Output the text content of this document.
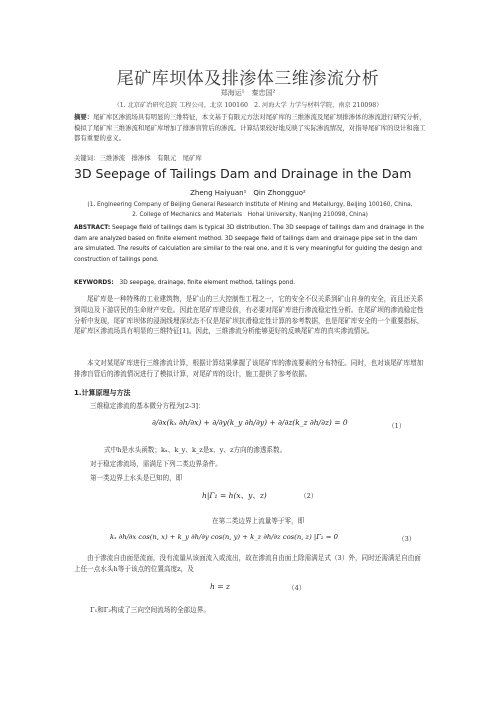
尾矿库坝体及排渗体三维渗流分析
郑海运¹　秦忠国²
（1. 北京矿冶研究总院 工程公司，北京 100160　2. 河海大学 力学与材料学院，南京 210098）
摘要：尾矿库区渗流场具有明显的三维特征，本文基于有限元方法对尾矿库的三维渗流及尾矿坝排渗体的渗流进行研究分析，模拟了尾矿库三维渗流和尾矿库增加了排渗盲管后的渗流。计算结果较好地反映了实际渗流情况，对指导尾矿库的设计和施工都有重要的意义。
关键词：三维渗流　排渗体　有限元　尾矿库
3D Seepage of Tailings Dam and Drainage in the Dam
Zheng Haiyuan¹　Qin Zhongguo²
(1. Engineering Company of Beijing General Research Institute of Mining and Metallurgy, Beijing 100160, China,
2. College of Mechanics and Materials　Hohai University, Nanjing 210098, China)
ABSTRACT: Seepage field of tailings dam is typical 3D distribution. The 3D seepage of tailings dam and drainage in the dam are analyzed based on finite element method. 3D seepage field of tailings dam and drainage pipe set in the dam are simulated. The results of calculation are similar to the real one, and it is very meaningful for guiding the design and construction of tailings pond.
KEYWORDS:　3D seepage, drainage, finite element method, tailings pond.
尾矿库是一种特殊的工业建筑物，是矿山的三大控制性工程之一，它的安全不仅关系到矿山自身的安全，而且还关系到周边及下游居民的生命财产安危。因此在尾矿库建设前，有必要对尾矿库进行渗流稳定性分析。在尾矿坝的渗流稳定性分析中发现，尾矿库坝体的浸润线埋深状态不仅是尾矿坝抗滑稳定性计算的参考数据，也是尾矿库安全的一个重要指标，尾矿库区渗流场具有明显的三维特征[1]。因此，三维渗流分析能够更好的反映尾矿库的真实渗流情况。
本文对某尾矿库进行三维渗流计算，根据计算结果掌握了该尾矿库的渗流要素的分布特征。同时，也对该尾矿库增加排渗盲管后的渗流情况进行了模拟计算，对尾矿库的设计，施工提供了参考依据。
1.计算原理与方法
三维稳定渗流的基本微分方程为[2-3]：
∂/∂x(kₓ ∂h/∂x) + ∂/∂y(k_y ∂h/∂y) + ∂/∂z(k_z ∂h/∂z) = 0	（1）
式中h是水头函数；kₓ、k_y、k_z是x、y、z方向的渗透系数。
对于稳定渗流场，需满足下列二类边界条件。
第一类边界上水头是已知的，即
h|Γ₁ = h(x、y、z)	（2）
在第二类边界上流量等于零，即
kₓ ∂h/∂x cos(n, x) + k_y ∂h/∂y cos(n, y) + k_z ∂h/∂z cos(n, z) |Γ₂ = 0	（3）
由于渗流自由面是流面，没有流量从该面流入或流出，故在渗流自由面上除需满足式（3）外，同时还需满足自由面上任一点水头h等于该点的位置高度z，及
h = z	（4）
Γ₁和Γ₂构成了三向空间流场的全部边界。
